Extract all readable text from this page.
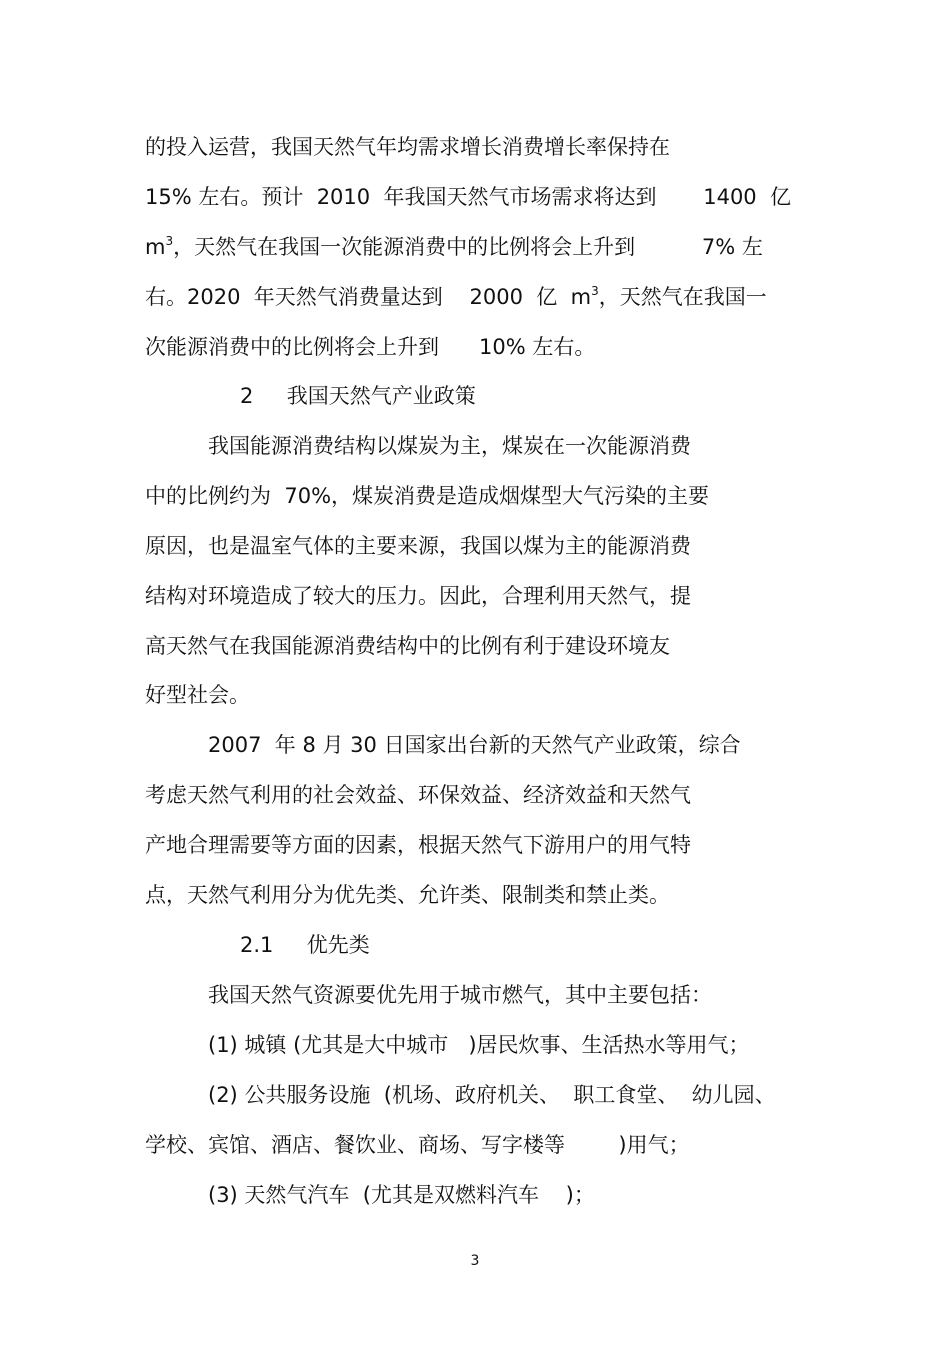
的投入运营，我国天然气年均需求增长消费增长率保持在
15% 左右。预计  2010  年我国天然气市场需求将达到       1400  亿
$m^3$，天然气在我国一次能源消费中的比例将会上升到          7% 左
右。2020  年天然气消费量达到    2000  亿  $m^3$，天然气在我国一
次能源消费中的比例将会上升到      10% 左右。
2     我国天然气产业政策
我国能源消费结构以煤炭为主，煤炭在一次能源消费
中的比例约为  70%，煤炭消费是造成烟煤型大气污染的主要
原因，也是温室气体的主要来源，我国以煤为主的能源消费
结构对环境造成了较大的压力。因此，合理利用天然气，提
高天然气在我国能源消费结构中的比例有利于建设环境友
好型社会。
2007  年 8 月 30 日国家出台新的天然气产业政策，综合
考虑天然气利用的社会效益、环保效益、经济效益和天然气
产地合理需要等方面的因素，根据天然气下游用户的用气特
点，天然气利用分为优先类、允许类、限制类和禁止类。
2.1     优先类
我国天然气资源要优先用于城市燃气，其中主要包括：
(1) 城镇 (尤其是大中城市   )居民炊事、生活热水等用气；
(2) 公共服务设施  (机场、政府机关、  职工食堂、  幼儿园、
学校、宾馆、酒店、餐饮业、商场、写字楼等        )用气；
(3) 天然气汽车  (尤其是双燃料汽车    )；
3
